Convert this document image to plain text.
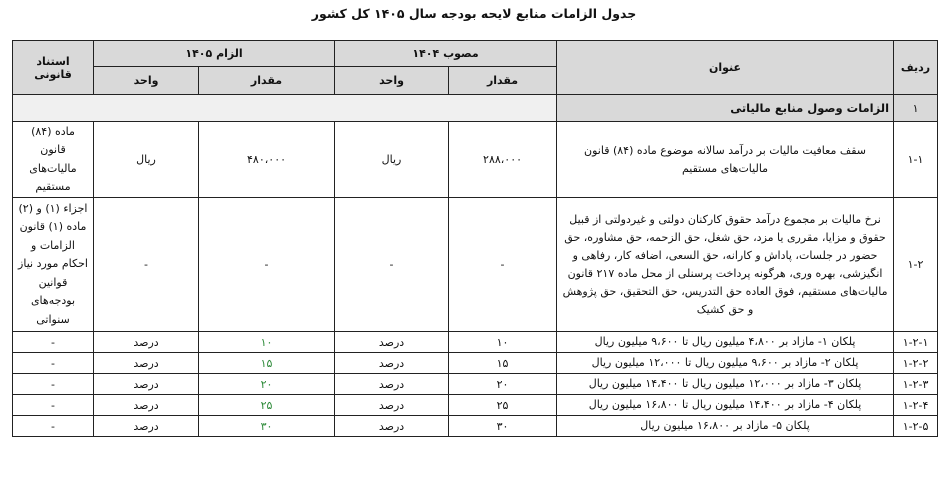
جدول الزامات منابع لایحه بودجه سال ۱۴۰۵ کل کشور
ردیف	عنوان	مصوب ۱۴۰۴		الزام ۱۴۰۵		استناد قانونی
		مقدار	واحد	مقدار	واحد	
۱	الزامات وصول منابع مالیاتی					
۱-۱	سقف معافیت مالیات بر درآمد سالانه موضوع ماده (۸۴) قانون مالیات‌های مستقیم	۲۸۸،۰۰۰	ریال	۴۸۰،۰۰۰	ریال	ماده (۸۴) قانون مالیات‌های مستقیم
۱-۲	نرخ مالیات بر مجموع درآمد حقوق کارکنان دولتی و غیردولتی از قبیل حقوق و مزایا، مقرری یا مزد، حق شغل، حق الزحمه، حق مشاوره، حق حضور در جلسات، پاداش و کارانه، حق السعی، اضافه کار، رفاهی و انگیزشی، بهره وری، هرگونه پرداخت پرسنلی از محل ماده ۲۱۷ قانون مالیات‌های مستقیم، فوق العاده حق التدریس، حق التحقیق، حق پژوهش و حق کشیک	-	-	-	-	اجزاء (۱) و (۲) ماده (۱) قانون الزامات و احکام مورد نیاز قوانین بودجه‌های سنواتی
۱-۲-۱	پلکان ۱- مازاد بر ۴،۸۰۰ میلیون ریال تا ۹،۶۰۰ میلیون ریال	۱۰	درصد	۱۰	درصد	-
۱-۲-۲	پلکان ۲- مازاد بر ۹،۶۰۰ میلیون ریال تا ۱۲،۰۰۰ میلیون ریال	۱۵	درصد	۱۵	درصد	-
۱-۲-۳	پلکان ۳- مازاد بر ۱۲،۰۰۰ میلیون ریال تا ۱۴،۴۰۰ میلیون ریال	۲۰	درصد	۲۰	درصد	-
۱-۲-۴	پلکان ۴- مازاد بر ۱۴،۴۰۰ میلیون ریال تا ۱۶،۸۰۰ میلیون ریال	۲۵	درصد	۲۵	درصد	-
۱-۲-۵	پلکان ۵- مازاد بر ۱۶،۸۰۰ میلیون ریال	۳۰	درصد	۳۰	درصد	-
